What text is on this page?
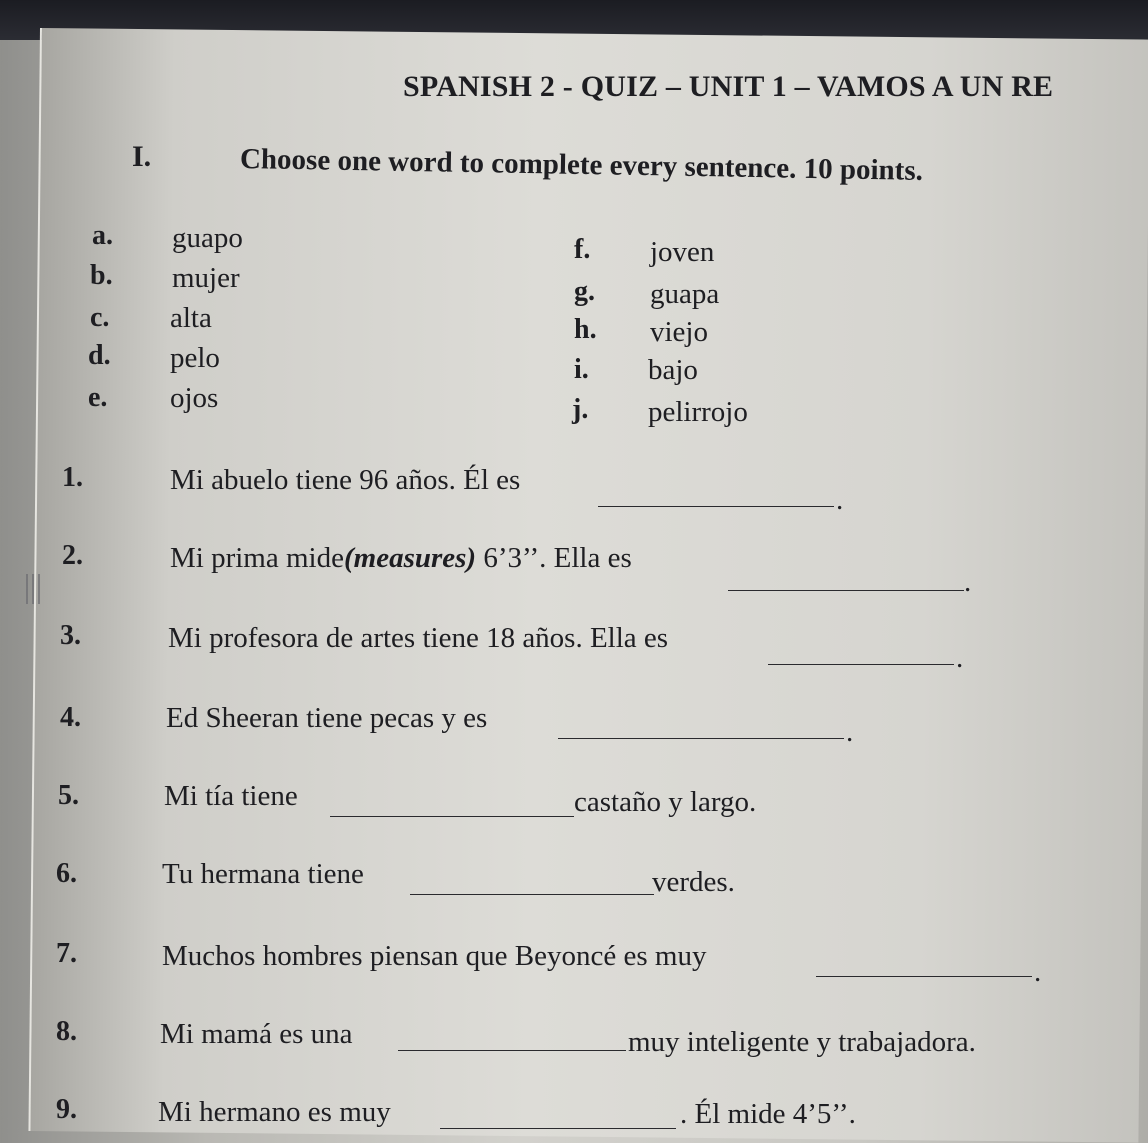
SPANISH 2 - QUIZ – UNIT 1 – VAMOS A UN RE
I.	Choose one word to complete every sentence. 10 points.
a. guapo
b. mujer
c. alta
d. pelo
e. ojos
f. joven
g. guapa
h. viejo
i. bajo
j. pelirrojo
1.	Mi abuelo tiene 96 años. Él es
.
2.	Mi prima mide(measures) 6’3’’. Ella es
.
3.	Mi profesora de artes tiene 18 años. Ella es
.
4.	Ed Sheeran tiene pecas y es	.
5.	Mi tía tiene	castaño y largo.
6.	Tu hermana tiene	verdes.
7.	Muchos hombres piensan que Beyoncé es muy	.
8.	Mi mamá es una	muy inteligente y trabajadora.
9.	Mi hermano es muy	. Él mide 4’5’’.
